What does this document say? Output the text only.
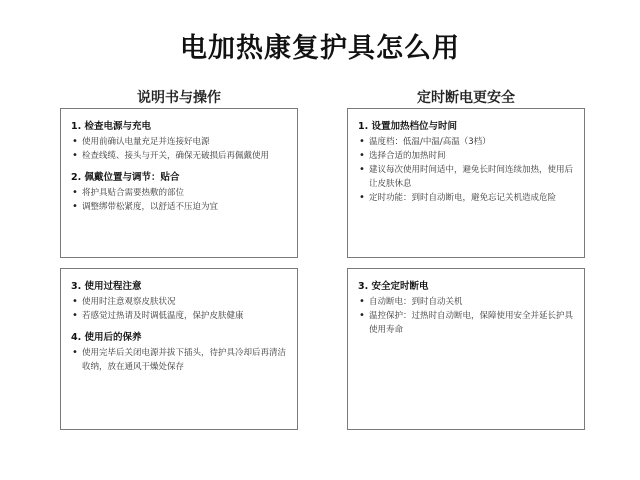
电加热康复护具怎么用
说明书与操作	定时断电更安全
1. 检查电源与充电
• 使用前确认电量充足并连接好电源
• 检查线缆、接头与开关，确保无破损后再佩戴使用
2. 佩戴位置与调节：贴合
• 将护具贴合需要热敷的部位
• 调整绑带松紧度，以舒适不压迫为宜
1. 设置加热档位与时间
• 温度档：低温/中温/高温（3档）
• 选择合适的加热时间
• 建议每次使用时间适中，避免长时间连续加热，使用后让皮肤休息
• 定时功能：到时自动断电，避免忘记关机造成危险
3. 使用过程注意
• 使用时注意观察皮肤状况
• 若感觉过热请及时调低温度，保护皮肤健康
4. 使用后的保养
• 使用完毕后关闭电源并拔下插头，待护具冷却后再清洁收纳，放在通风干燥处保存
3. 安全定时断电
• 自动断电：到时自动关机
• 温控保护：过热时自动断电，保障使用安全并延长护具使用寿命
